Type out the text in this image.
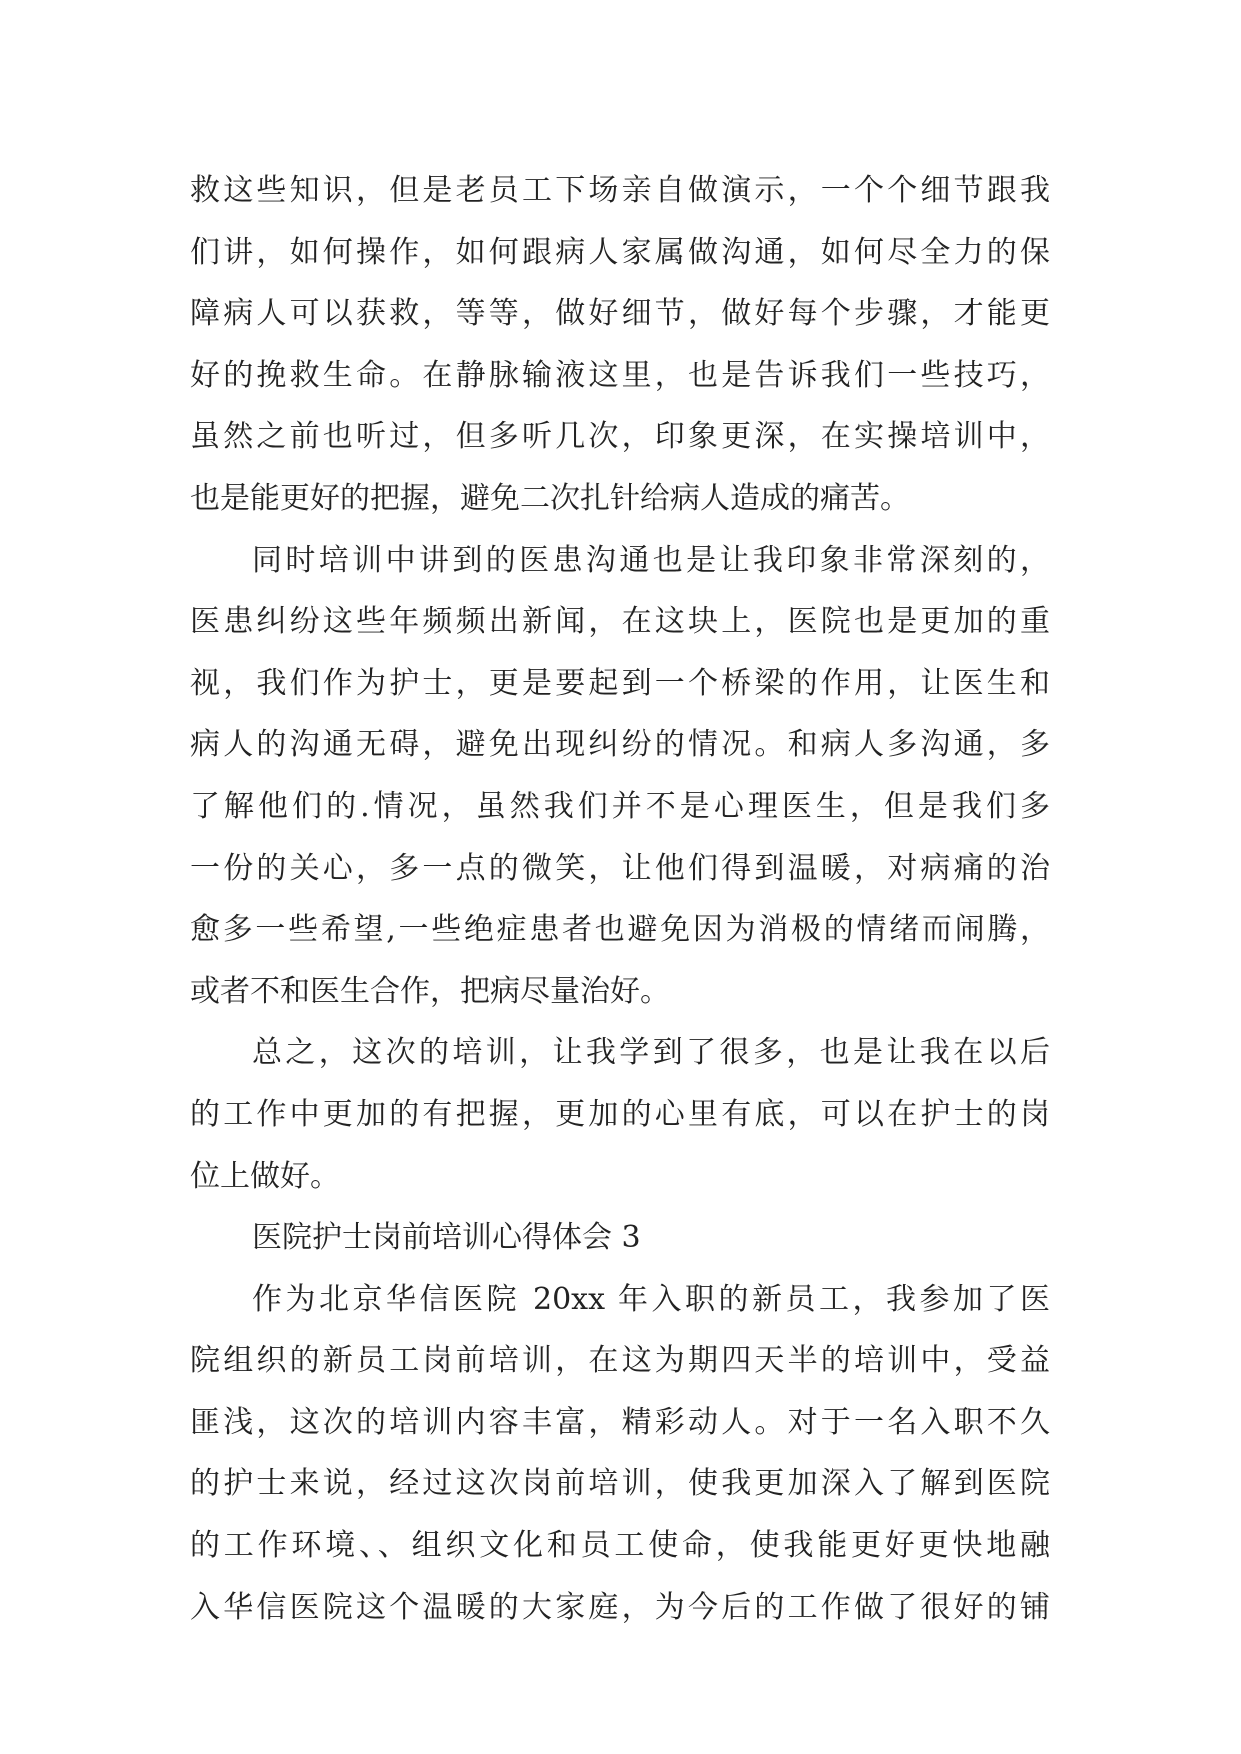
救这些知识，但是老员工下场亲自做演示，一个个细节跟我
们讲，如何操作，如何跟病人家属做沟通，如何尽全力的保
障病人可以获救，等等，做好细节，做好每个步骤，才能更
好的挽救生命。在静脉输液这里，也是告诉我们一些技巧，
虽然之前也听过，但多听几次，印象更深，在实操培训中，
也是能更好的把握，避免二次扎针给病人造成的痛苦。
同时培训中讲到的医患沟通也是让我印象非常深刻的，
医患纠纷这些年频频出新闻，在这块上，医院也是更加的重
视，我们作为护士，更是要起到一个桥梁的作用，让医生和
病人的沟通无碍，避免出现纠纷的情况。和病人多沟通，多
了解他们的.情况，虽然我们并不是心理医生，但是我们多
一份的关心，多一点的微笑，让他们得到温暖，对病痛的治
愈多一些希望,一些绝症患者也避免因为消极的情绪而闹腾，
或者不和医生合作，把病尽量治好。
总之，这次的培训，让我学到了很多，也是让我在以后
的工作中更加的有把握，更加的心里有底，可以在护士的岗
位上做好。
医院护士岗前培训心得体会 3
作为北京华信医院 20xx 年入职的新员工，我参加了医
院组织的新员工岗前培训，在这为期四天半的培训中，受益
匪浅，这次的培训内容丰富，精彩动人。对于一名入职不久
的护士来说，经过这次岗前培训，使我更加深入了解到医院
的工作环境、、组织文化和员工使命，使我能更好更快地融
入华信医院这个温暖的大家庭，为今后的工作做了很好的铺
